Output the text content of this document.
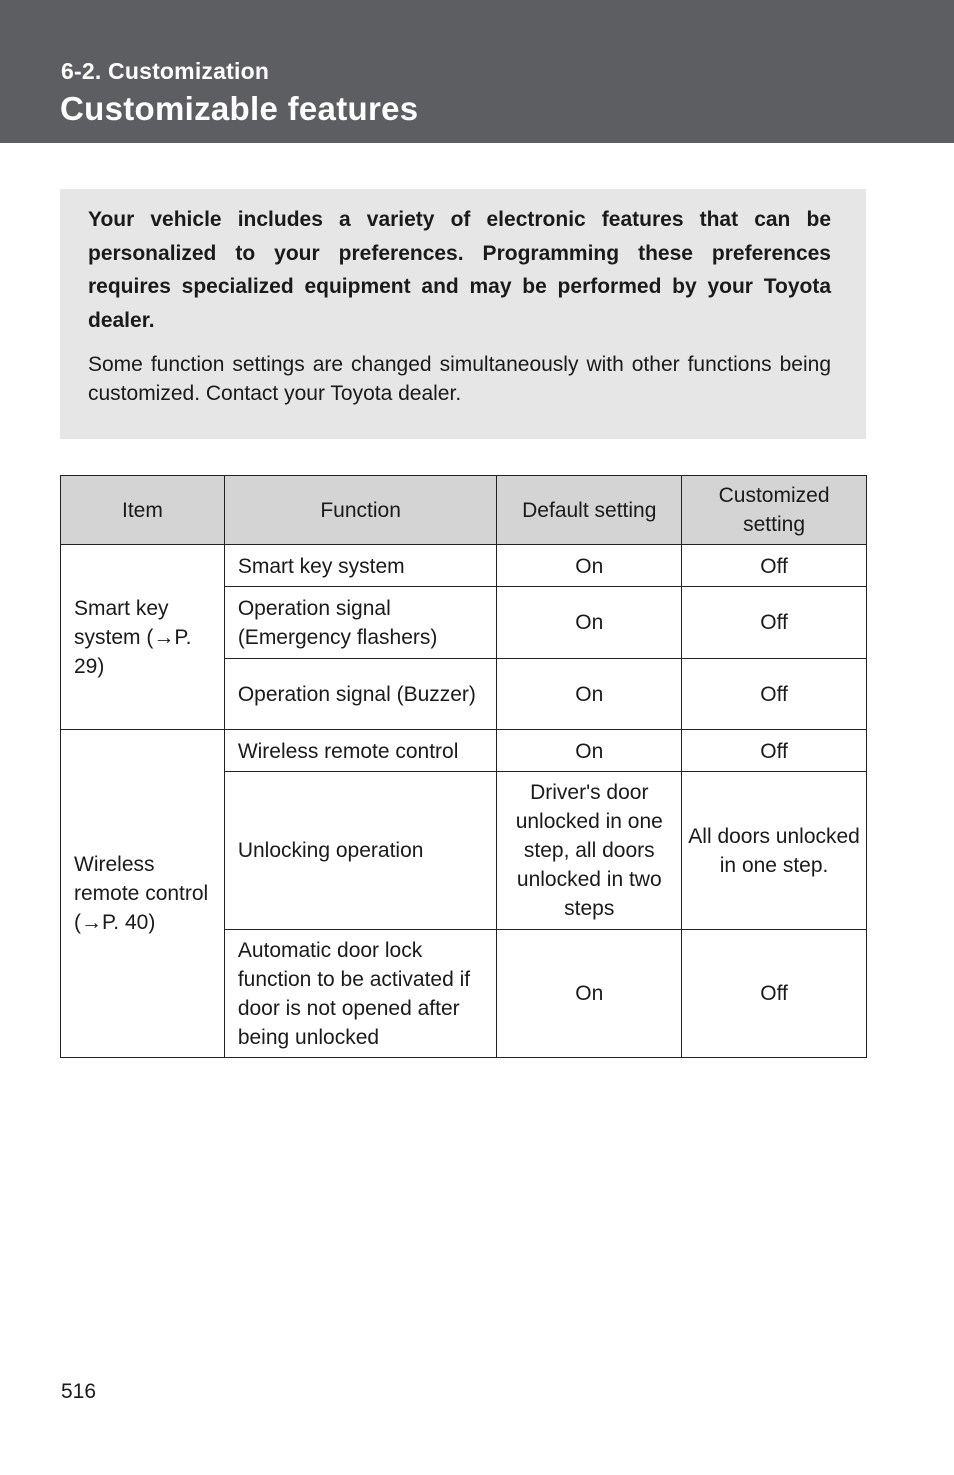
6-2. Customization
Customizable features

Your vehicle includes a variety of electronic features that can be personalized to your preferences. Programming these preferences requires specialized equipment and may be performed by your Toyota dealer.

Some function settings are changed simultaneously with other functions being customized. Contact your Toyota dealer.

Item	Function	Default setting	Customized setting
Smart key system (→P. 29)	Smart key system	On	Off
	Operation signal (Emergency flashers)	On	Off
	Operation signal (Buzzer)	On	Off
Wireless remote control (→P. 40)	Wireless remote control	On	Off
	Unlocking operation	Driver's door unlocked in one step, all doors unlocked in two steps	All doors unlocked in one step.
	Automatic door lock function to be activated if door is not opened after being unlocked	On	Off
516
